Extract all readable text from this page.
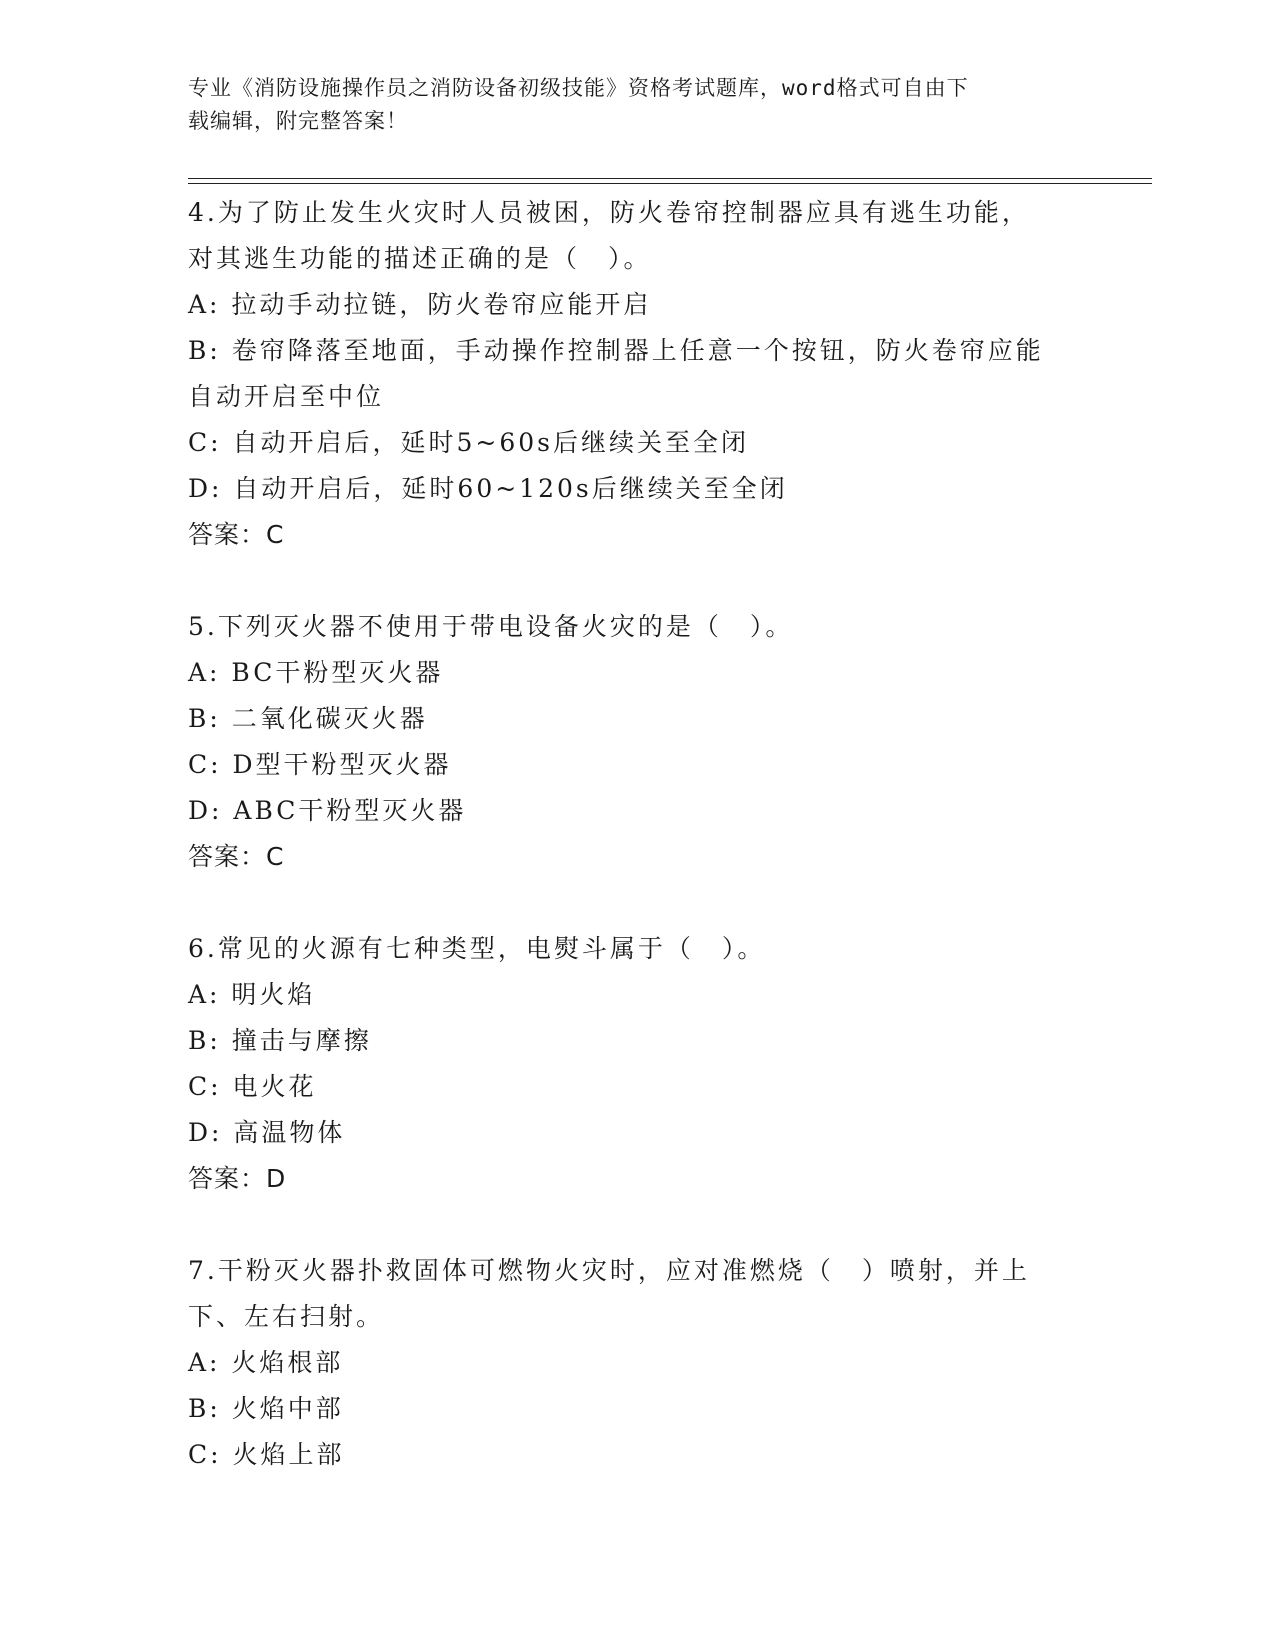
专业《消防设施操作员之消防设备初级技能》资格考试题库，word格式可自由下
载编辑，附完整答案！
4.为了防止发生火灾时人员被困，防火卷帘控制器应具有逃生功能，
对其逃生功能的描述正确的是（　）。
A: 拉动手动拉链，防火卷帘应能开启
B: 卷帘降落至地面，手动操作控制器上任意一个按钮，防火卷帘应能
自动开启至中位
C: 自动开启后，延时5~60s后继续关至全闭
D: 自动开启后，延时60~120s后继续关至全闭
答案：C
5.下列灭火器不使用于带电设备火灾的是（　）。
A: BC干粉型灭火器
B: 二氧化碳灭火器
C: D型干粉型灭火器
D: ABC干粉型灭火器
答案：C
6.常见的火源有七种类型，电熨斗属于（　）。
A: 明火焰
B: 撞击与摩擦
C: 电火花
D: 高温物体
答案：D
7.干粉灭火器扑救固体可燃物火灾时，应对准燃烧（　）喷射，并上
下、左右扫射。
A: 火焰根部
B: 火焰中部
C: 火焰上部
